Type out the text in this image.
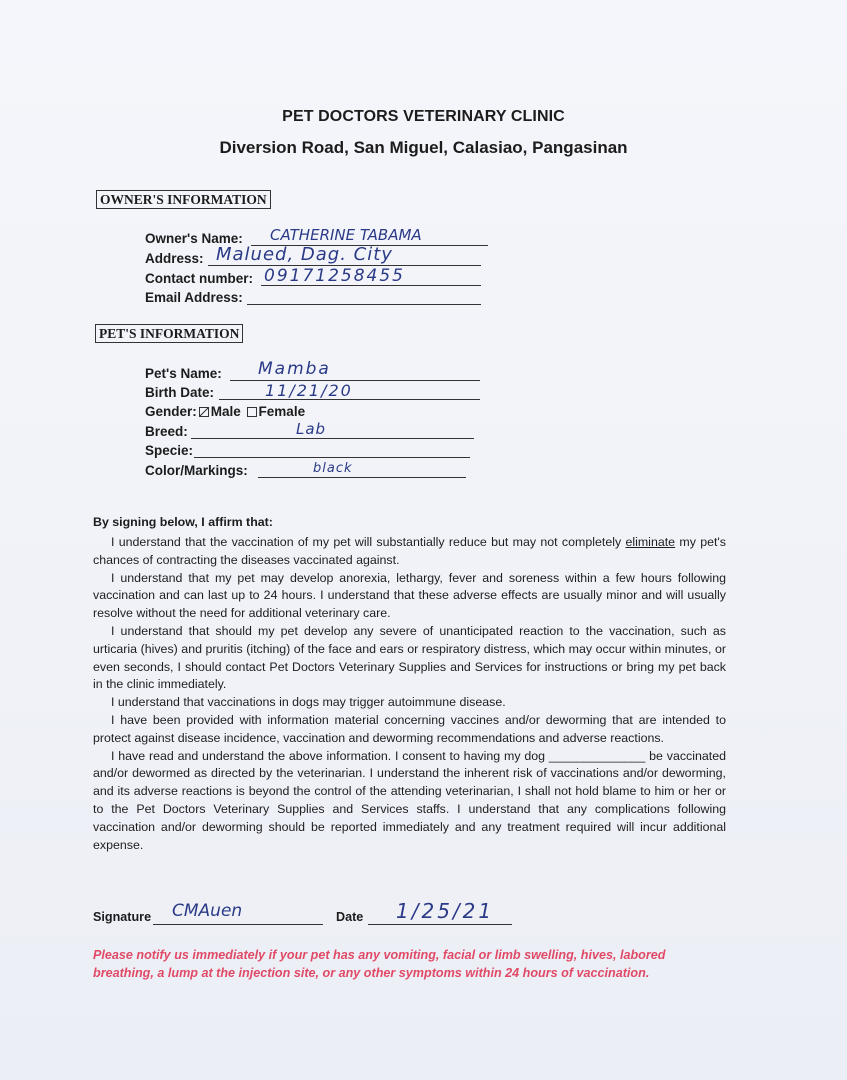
PET DOCTORS VETERINARY CLINIC
Diversion Road, San Miguel, Calasiao, Pangasinan
OWNER'S INFORMATION
Owner's Name: CATHERINE TABAMA
Address: Malued, Dag. City
Contact number: 09171258455
Email Address:
PET'S INFORMATION
Pet's Name: Mamba
Birth Date:	11/21/20
Gender: Male Female
Breed:	Lab
Specie:
Color/Markings:	black
By signing below, I affirm that:

I understand that the vaccination of my pet will substantially reduce but may not completely eliminate my pet's chances of contracting the diseases vaccinated against.

I understand that my pet may develop anorexia, lethargy, fever and soreness within a few hours following vaccination and can last up to 24 hours. I understand that these adverse effects are usually minor and will usually resolve without the need for additional veterinary care.

I understand that should my pet develop any severe of unanticipated reaction to the vaccination, such as urticaria (hives) and pruritis (itching) of the face and ears or respiratory distress, which may occur within minutes, or even seconds, I should contact Pet Doctors Veterinary Supplies and Services for instructions or bring my pet back in the clinic immediately.

I understand that vaccinations in dogs may trigger autoimmune disease.

I have been provided with information material concerning vaccines and/or deworming that are intended to protect against disease incidence, vaccination and deworming recommendations and adverse reactions.

I have read and understand the above information. I consent to having my dog ______________ be vaccinated and/or dewormed as directed by the veterinarian. I understand the inherent risk of vaccinations and/or deworming, and its adverse reactions is beyond the control of the attending veterinarian, I shall not hold blame to him or her or to the Pet Doctors Veterinary Supplies and Services staffs. I understand that any complications following vaccination and/or deworming should be reported immediately and any treatment required will incur additional expense.

Signature CMAuen	Date 1/25/21
Please notify us immediately if your pet has any vomiting, facial or limb swelling, hives, labored breathing, a lump at the injection site, or any other symptoms within 24 hours of vaccination.
